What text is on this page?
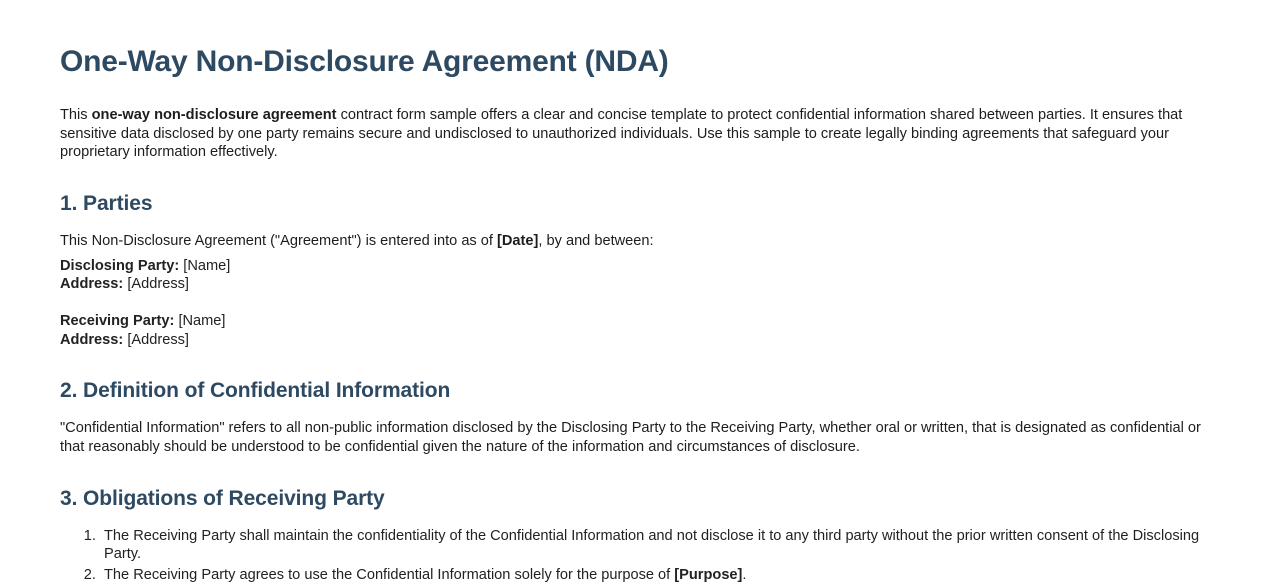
One-Way Non-Disclosure Agreement (NDA)

This one-way non-disclosure agreement contract form sample offers a clear and concise template to protect confidential information shared between parties. It ensures that sensitive data disclosed by one party remains secure and undisclosed to unauthorized individuals. Use this sample to create legally binding agreements that safeguard your proprietary information effectively.

1. Parties

This Non-Disclosure Agreement ("Agreement") is entered into as of [Date], by and between:

Disclosing Party: [Name]
Address: [Address]

Receiving Party: [Name]
Address: [Address]

2. Definition of Confidential Information

"Confidential Information" refers to all non-public information disclosed by the Disclosing Party to the Receiving Party, whether oral or written, that is designated as confidential or that reasonably should be understood to be confidential given the nature of the information and circumstances of disclosure.

3. Obligations of Receiving Party
1. The Receiving Party shall maintain the confidentiality of the Confidential Information and not disclose it to any third party without the prior written consent of the Disclosing Party.
2. The Receiving Party agrees to use the Confidential Information solely for the purpose of [Purpose].
